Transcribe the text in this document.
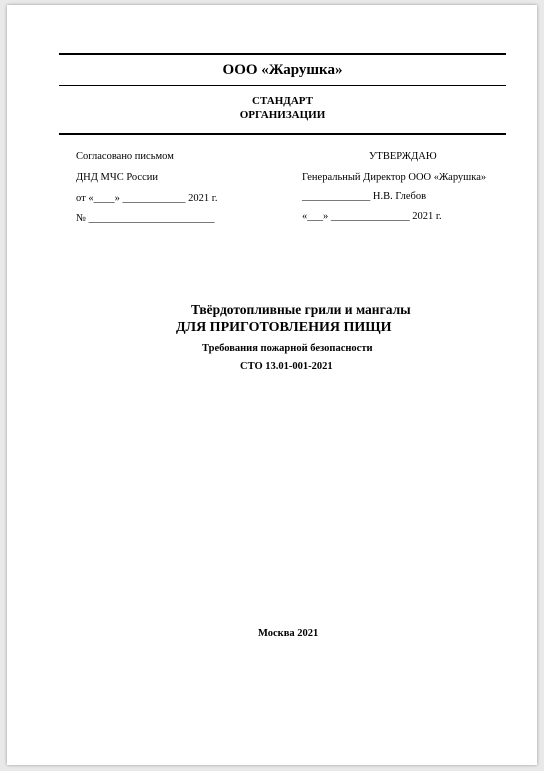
ООО «Жарушка»
СТАНДАРТ
ОРГАНИЗАЦИИ
Согласовано письмом
ДНД МЧС России
от «____» ____________ 2021 г.
№ ________________________
УТВЕРЖДАЮ
Генеральный Директор ООО «Жарушка»
_____________ Н.В. Глебов
«___» _______________ 2021 г.
Твёрдотопливные грили и мангалы
ДЛЯ ПРИГОТОВЛЕНИЯ ПИЩИ
Требования пожарной безопасности
СТО 13.01-001-2021
Москва 2021
